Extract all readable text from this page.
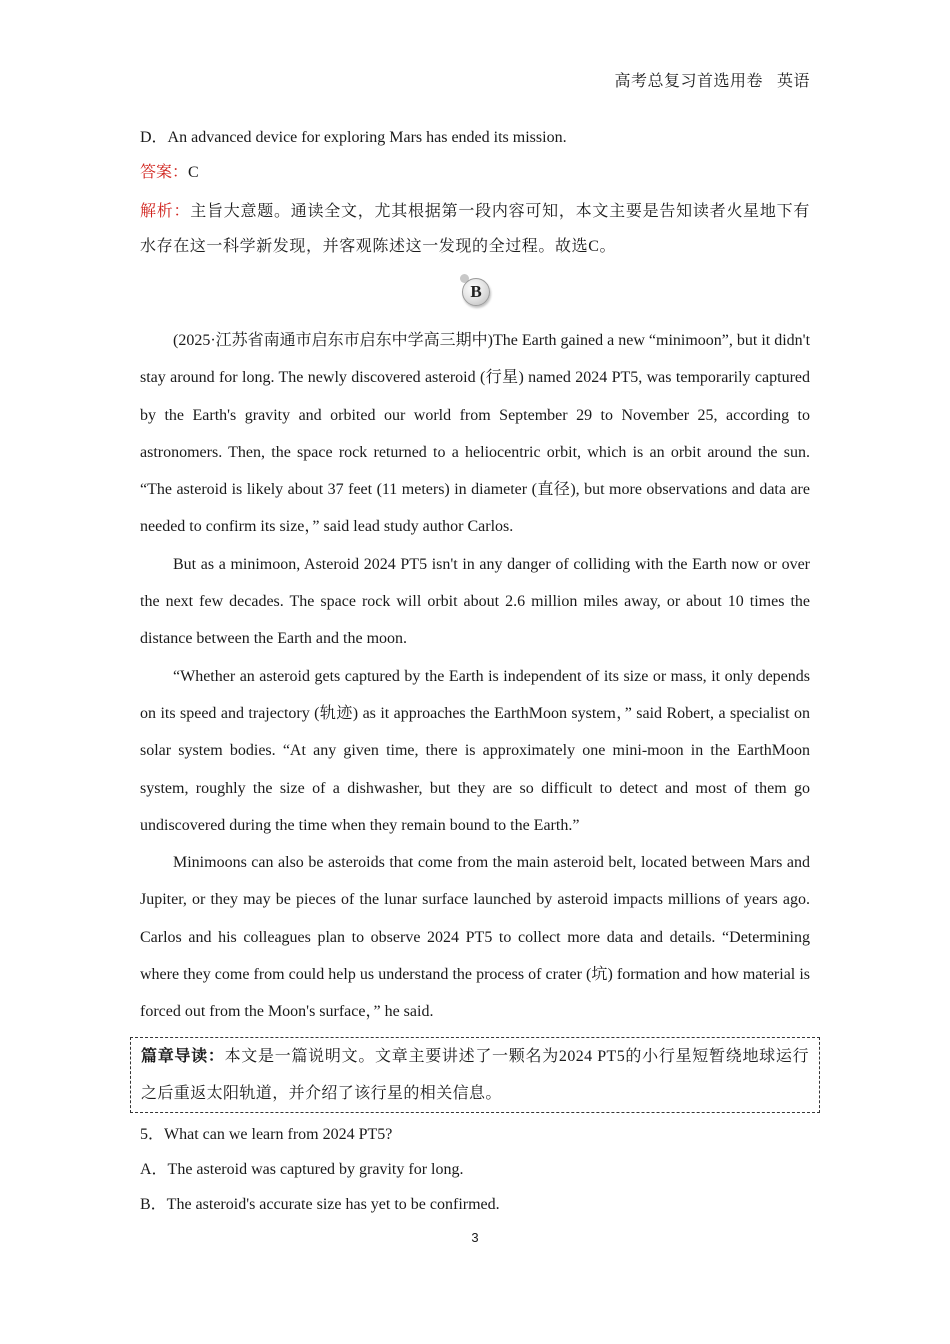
高考总复习首选用卷 英语
D．An advanced device for exploring Mars has ended its mission.
答案：C
解析：主旨大意题。通读全文，尤其根据第一段内容可知，本文主要是告知读者火星地下有水存在这一科学新发现，并客观陈述这一发现的全过程。故选C。
B

(2025·江苏省南通市启东市启东中学高三期中)The Earth gained a new “minimoon”, but it didn't stay around for long. The newly discovered asteroid (行星) named 2024 PT5, was temporarily captured by the Earth's gravity and orbited our world from September 29 to November 25, according to astronomers. Then, the space rock returned to a heliocentric orbit, which is an orbit around the sun. “The asteroid is likely about 37 feet (11 meters) in diameter (直径), but more observations and data are needed to confirm its size，” said lead study author Carlos.

But as a minimoon, Asteroid 2024 PT5 isn't in any danger of colliding with the Earth now or over the next few decades. The space rock will orbit about 2.6 million miles away, or about 10 times the distance between the Earth and the moon.

“Whether an asteroid gets captured by the Earth is independent of its size or mass, it only depends on its speed and trajectory (轨迹) as it approaches the EarthMoon system，” said Robert, a specialist on solar system bodies. “At any given time, there is approximately one mini-moon in the EarthMoon system, roughly the size of a dishwasher, but they are so difficult to detect and most of them go undiscovered during the time when they remain bound to the Earth.”

Minimoons can also be asteroids that come from the main asteroid belt, located between Mars and Jupiter, or they may be pieces of the lunar surface launched by asteroid impacts millions of years ago. Carlos and his colleagues plan to observe 2024 PT5 to collect more data and details. “Determining where they come from could help us understand the process of crater (坑) formation and how material is forced out from the Moon's surface，” he said.

篇章导读：本文是一篇说明文。文章主要讲述了一颗名为2024 PT5的小行星短暂绕地球运行之后重返太阳轨道，并介绍了该行星的相关信息。
5．What can we learn from 2024 PT5?
A．The asteroid was captured by gravity for long.
B．The asteroid's accurate size has yet to be confirmed.
3
